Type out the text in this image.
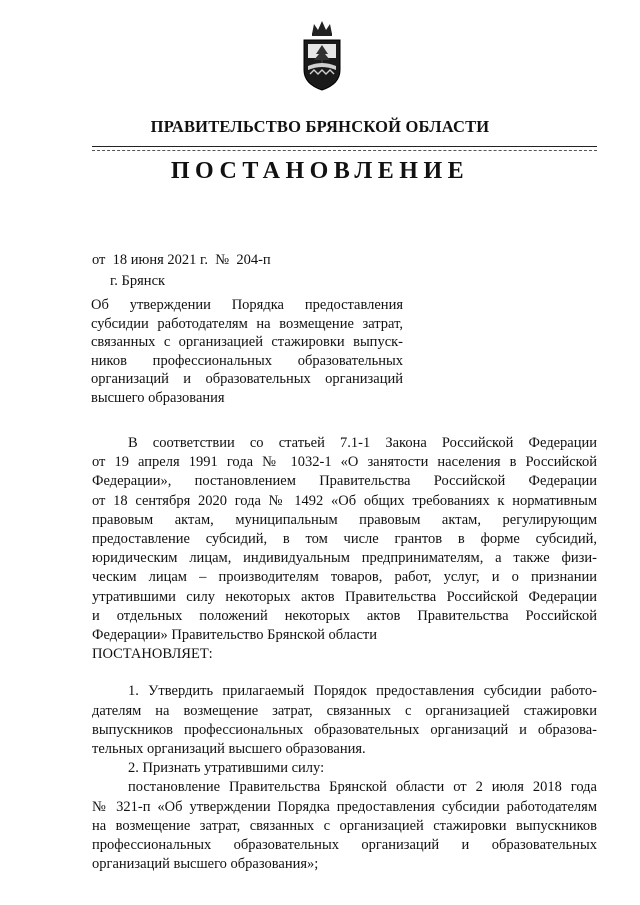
ПРАВИТЕЛЬСТВО БРЯНСКОЙ ОБЛАСТИ
ПОСТАНОВЛЕНИЕ
от  18 июня 2021 г.  №  204-п
г. Брянск
Об утверждении Порядка предоставления
субсидии работодателям на возмещение затрат,
связанных с организацией стажировки выпуск-
ников профессиональных образовательных
организаций и образовательных организаций
высшего образования
В соответствии со статьей 7.1-1 Закона Российской Федерации
от 19 апреля 1991 года № 1032-1 «О занятости населения в Российской
Федерации», постановлением Правительства Российской Федерации
от 18 сентября 2020 года № 1492 «Об общих требованиях к нормативным
правовым актам, муниципальным правовым актам, регулирующим
предоставление субсидий, в том числе грантов в форме субсидий,
юридическим лицам, индивидуальным предпринимателям, а также физи-
ческим лицам – производителям товаров, работ, услуг, и о признании
утратившими силу некоторых актов Правительства Российской Федерации
и отдельных положений некоторых актов Правительства Российской
Федерации» Правительство Брянской области
ПОСТАНОВЛЯЕТ:
1. Утвердить прилагаемый Порядок предоставления субсидии работо-
дателям на возмещение затрат, связанных с организацией стажировки
выпускников профессиональных образовательных организаций и образова-
тельных организаций высшего образования.
2. Признать утратившими силу:
постановление Правительства Брянской области от 2 июля 2018 года
№ 321-п «Об утверждении Порядка предоставления субсидии работодателям
на возмещение затрат, связанных с организацией стажировки выпускников
профессиональных образовательных организаций и образовательных
организаций высшего образования»;
